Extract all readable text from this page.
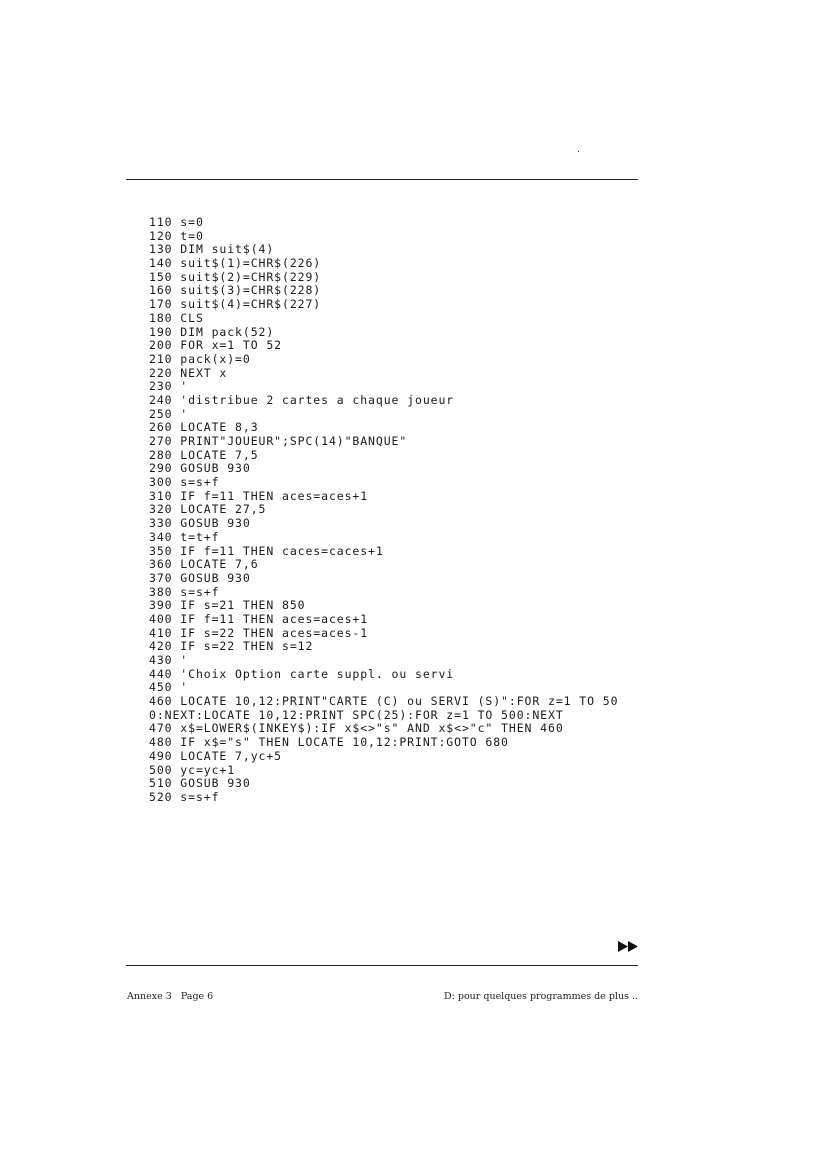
110 s=0
120 t=0
130 DIM suit$(4)
140 suit$(1)=CHR$(226)
150 suit$(2)=CHR$(229)
160 suit$(3)=CHR$(228)
170 suit$(4)=CHR$(227)
180 CLS
190 DIM pack(52)
200 FOR x=1 TO 52
210 pack(x)=0
220 NEXT x
230 '
240 'distribue 2 cartes a chaque joueur
250 '
260 LOCATE 8,3
270 PRINT"JOUEUR";SPC(14)"BANQUE"
280 LOCATE 7,5
290 GOSUB 930
300 s=s+f
310 IF f=11 THEN aces=aces+1
320 LOCATE 27,5
330 GOSUB 930
340 t=t+f
350 IF f=11 THEN caces=caces+1
360 LOCATE 7,6
370 GOSUB 930
380 s=s+f
390 IF s=21 THEN 850
400 IF f=11 THEN aces=aces+1
410 IF s=22 THEN aces=aces-1
420 IF s=22 THEN s=12
430 '
440 'Choix Option carte suppl. ou servi
450 '
460 LOCATE 10,12:PRINT"CARTE (C) ou SERVI (S)":FOR z=1 TO 50
0:NEXT:LOCATE 10,12:PRINT SPC(25):FOR z=1 TO 500:NEXT
470 x$=LOWER$(INKEY$):IF x$<>"s" AND x$<>"c" THEN 460
480 IF x$="s" THEN LOCATE 10,12:PRINT:GOTO 680
490 LOCATE 7,yc+5
500 yc=yc+1
510 GOSUB 930
520 s=s+f
Annexe 3   Page 6	D: pour quelques programmes de plus ..
